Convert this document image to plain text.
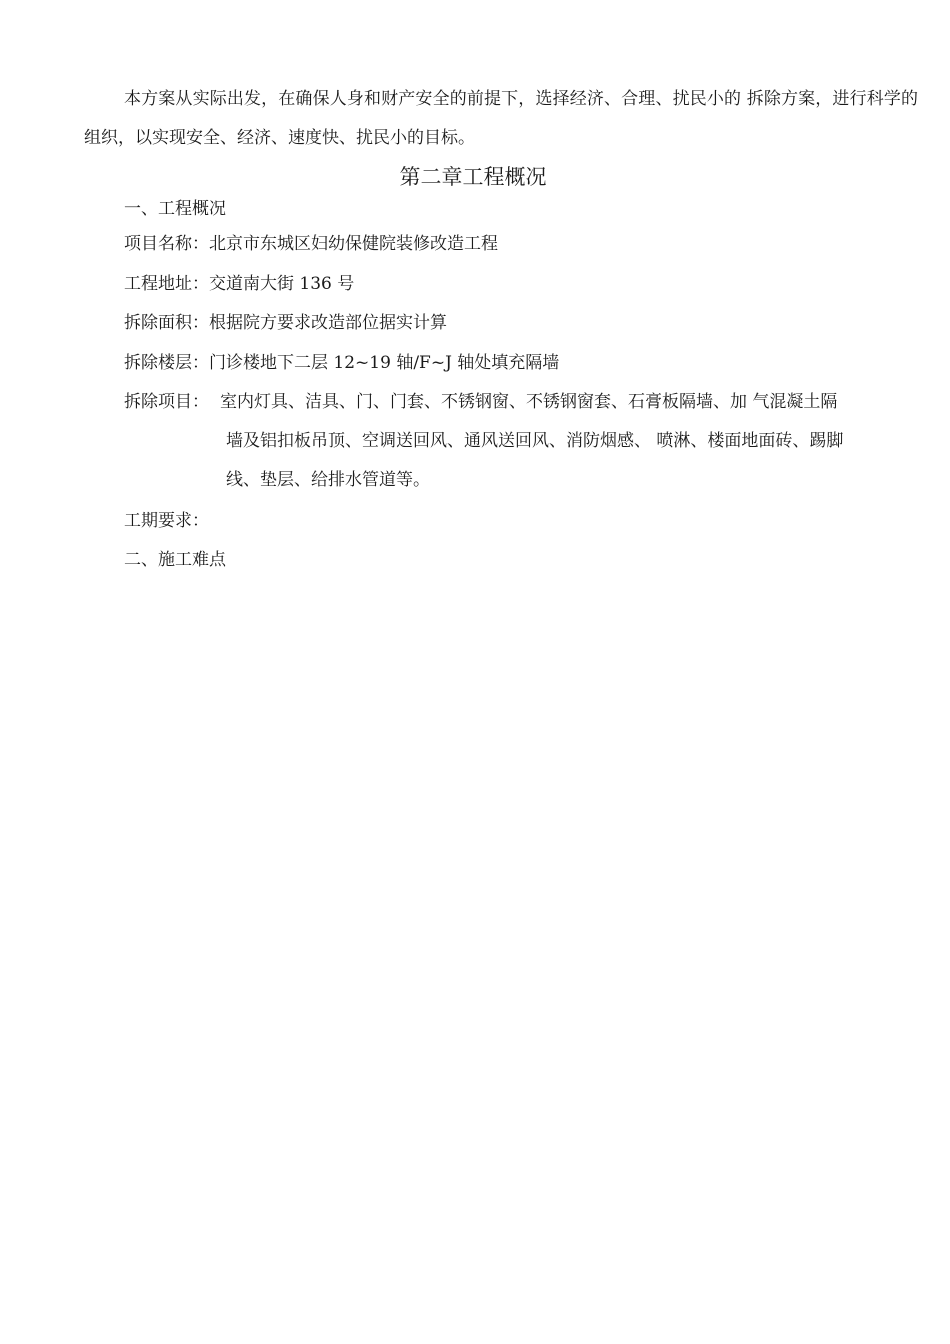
本方案从实际出发，在确保人身和财产安全的前提下，选择经济、合理、扰民小的 拆除方案，进行科学的组织，以实现安全、经济、速度快、扰民小的目标。

第二章工程概况

一、工程概况

项目名称：北京市东城区妇幼保健院装修改造工程

工程地址：交道南大街 136 号

拆除面积：根据院方要求改造部位据实计算

拆除楼层：门诊楼地下二层 12~19 轴/F~J 轴处填充隔墙

拆除项目： 室内灯具、洁具、门、门套、不锈钢窗、不锈钢窗套、石膏板隔墙、加 气混凝土隔
墙及铝扣板吊顶、空调送回风、通风送回风、消防烟感、 喷淋、楼面地面砖、踢脚
线、垫层、给排水管道等。

工期要求：

二、施工难点
